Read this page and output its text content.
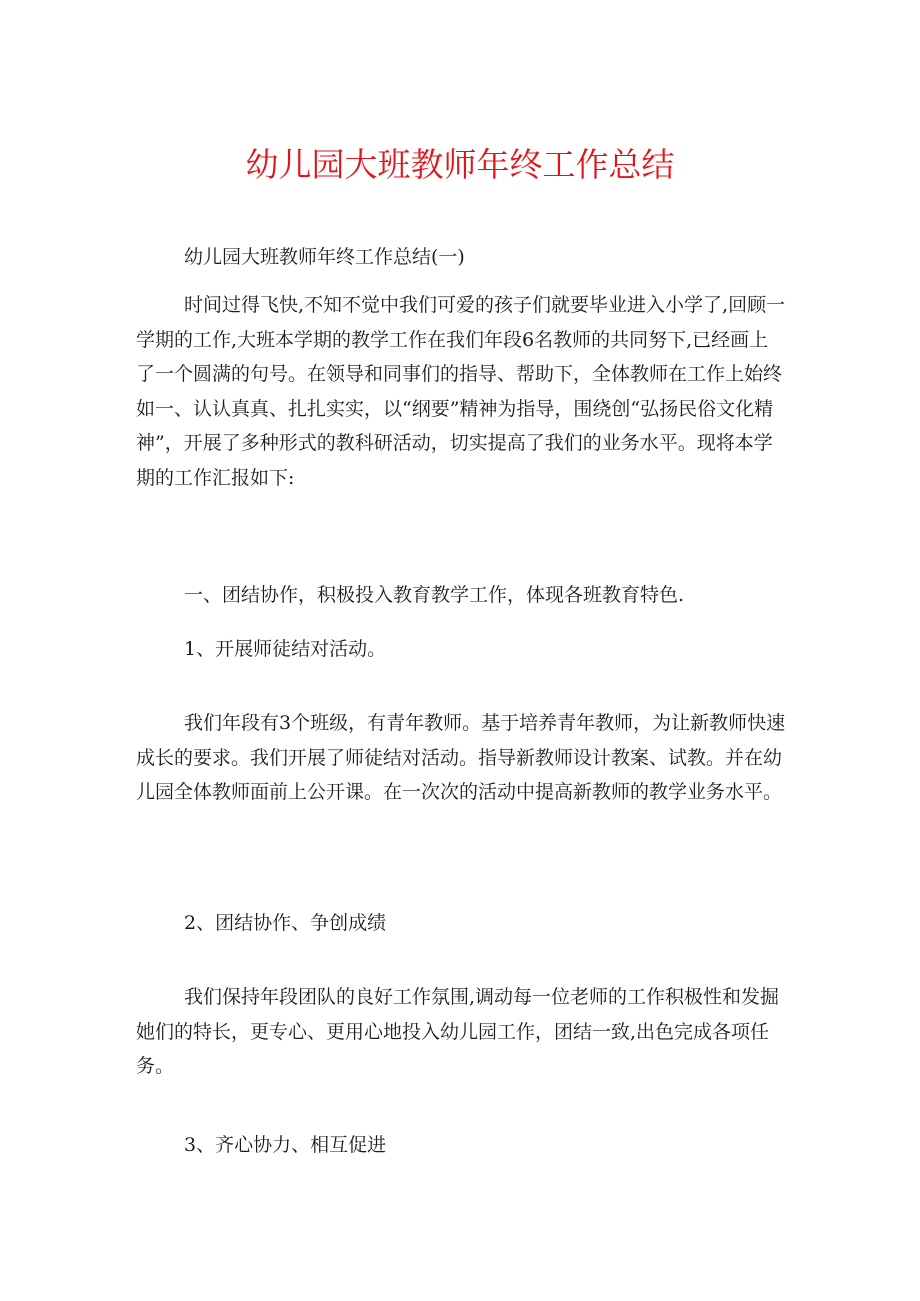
幼儿园大班教师年终工作总结

幼儿园大班教师年终工作总结(一)

时间过得飞快,不知不觉中我们可爱的孩子们就要毕业进入小学了,回顾一学期的工作,大班本学期的教学工作在我们年段6名教师的共同努下,已经画上了一个圆满的句号。在领导和同事们的指导、帮助下，全体教师在工作上始终如一、认认真真、扎扎实实，以“纲要”精神为指导，围绕创“弘扬民俗文化精神”，开展了多种形式的教科研活动，切实提高了我们的业务水平。现将本学期的工作汇报如下:

一、团结协作，积极投入教育教学工作，体现各班教育特色.

1、开展师徒结对活动。

我们年段有3个班级，有青年教师。基于培养青年教师，为让新教师快速成长的要求。我们开展了师徒结对活动。指导新教师设计教案、试教。并在幼儿园全体教师面前上公开课。在一次次的活动中提高新教师的教学业务水平。

2、团结协作、争创成绩

我们保持年段团队的良好工作氛围,调动每一位老师的工作积极性和发掘她们的特长，更专心、更用心地投入幼儿园工作，团结一致,出色完成各项任务。

3、齐心协力、相互促进
